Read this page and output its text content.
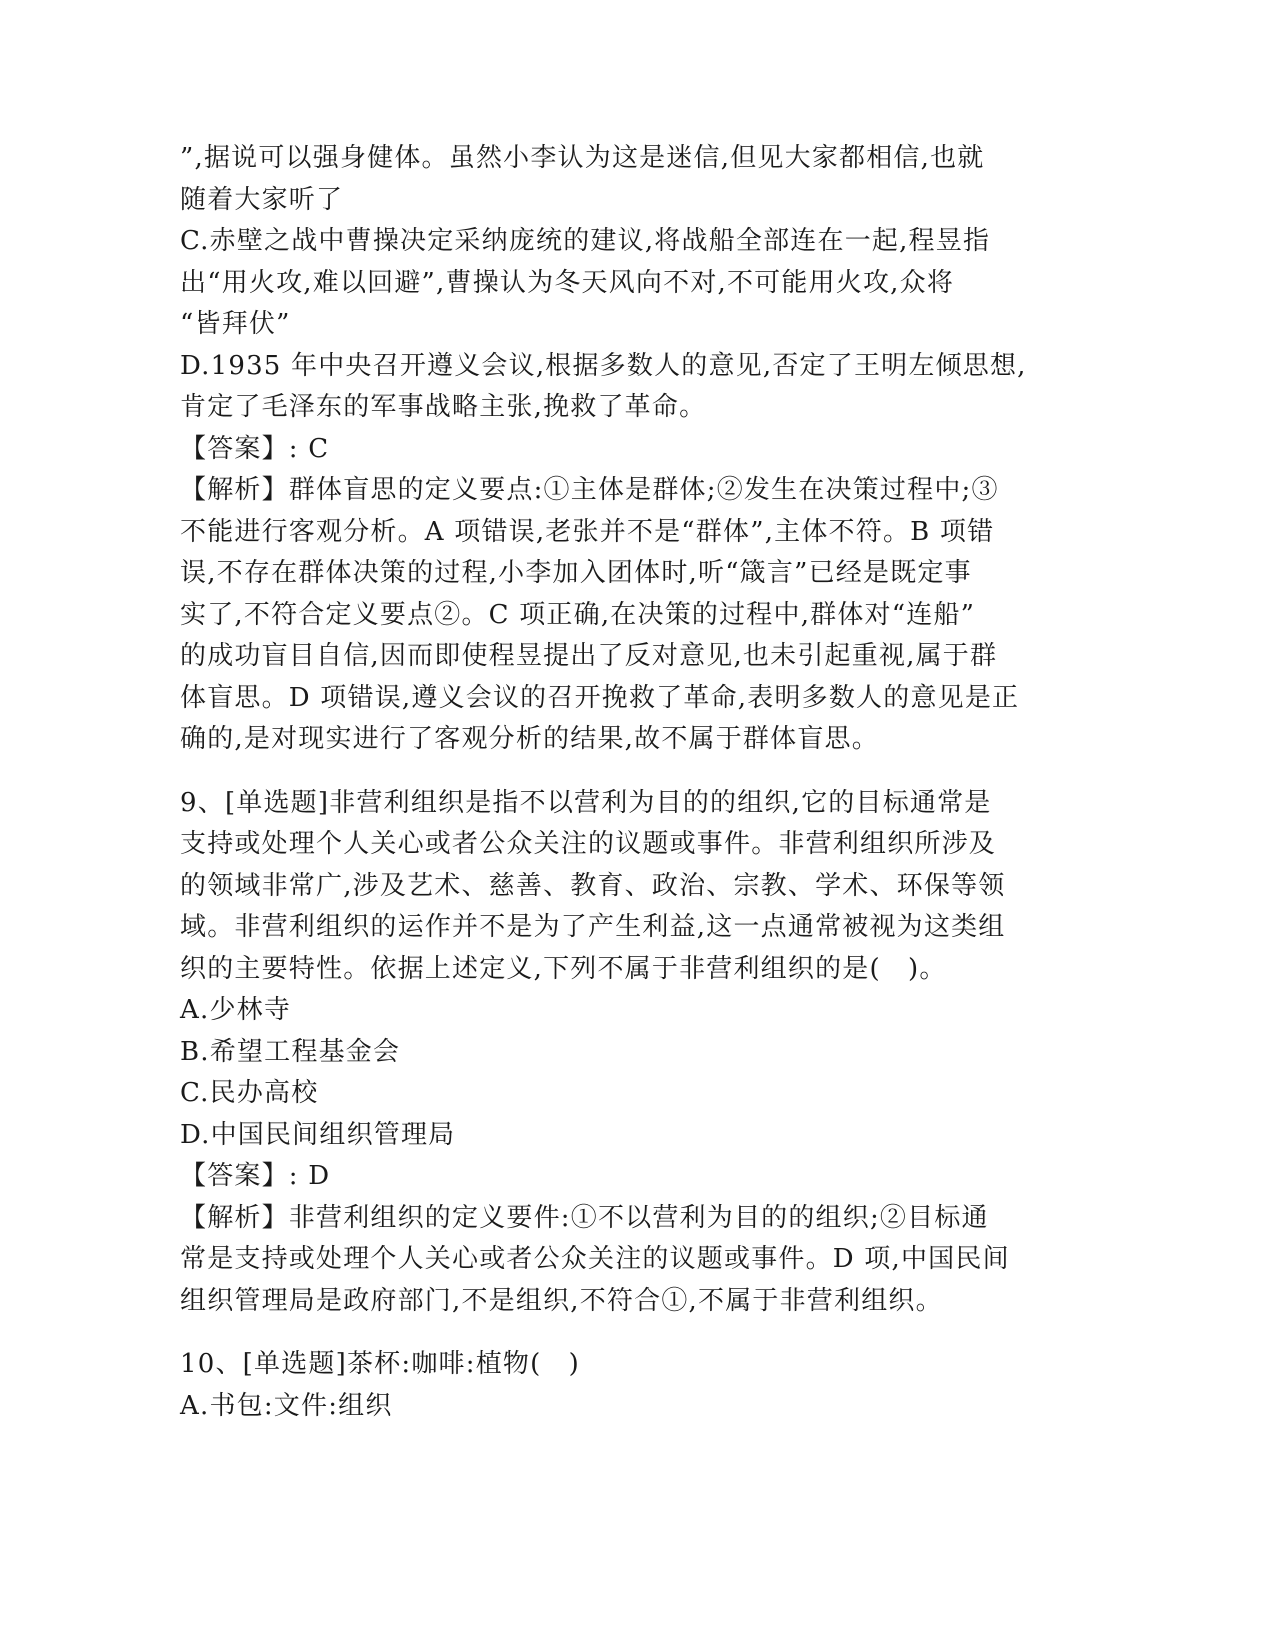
”,据说可以强身健体。虽然小李认为这是迷信,但见大家都相信,也就
随着大家听了
C.赤壁之战中曹操决定采纳庞统的建议,将战船全部连在一起,程昱指
出“用火攻,难以回避”,曹操认为冬天风向不对,不可能用火攻,众将
“皆拜伏”
D.1935 年中央召开遵义会议,根据多数人的意见,否定了王明左倾思想,
肯定了毛泽东的军事战略主张,挽救了革命。
【答案】: C
【解析】群体盲思的定义要点:①主体是群体;②发生在决策过程中;③
不能进行客观分析。A 项错误,老张并不是“群体”,主体不符。B 项错
误,不存在群体决策的过程,小李加入团体时,听“箴言”已经是既定事
实了,不符合定义要点②。C 项正确,在决策的过程中,群体对“连船”
的成功盲目自信,因而即使程昱提出了反对意见,也未引起重视,属于群
体盲思。D 项错误,遵义会议的召开挽救了革命,表明多数人的意见是正
确的,是对现实进行了客观分析的结果,故不属于群体盲思。
9、[单选题]非营利组织是指不以营利为目的的组织,它的目标通常是
支持或处理个人关心或者公众关注的议题或事件。非营利组织所涉及
的领域非常广,涉及艺术、慈善、教育、政治、宗教、学术、环保等领
域。非营利组织的运作并不是为了产生利益,这一点通常被视为这类组
织的主要特性。依据上述定义,下列不属于非营利组织的是(　)。
A.少林寺
B.希望工程基金会
C.民办高校
D.中国民间组织管理局
【答案】: D
【解析】非营利组织的定义要件:①不以营利为目的的组织;②目标通
常是支持或处理个人关心或者公众关注的议题或事件。D 项,中国民间
组织管理局是政府部门,不是组织,不符合①,不属于非营利组织。
10、[单选题]茶杯:咖啡:植物(　)
A.书包:文件:组织
